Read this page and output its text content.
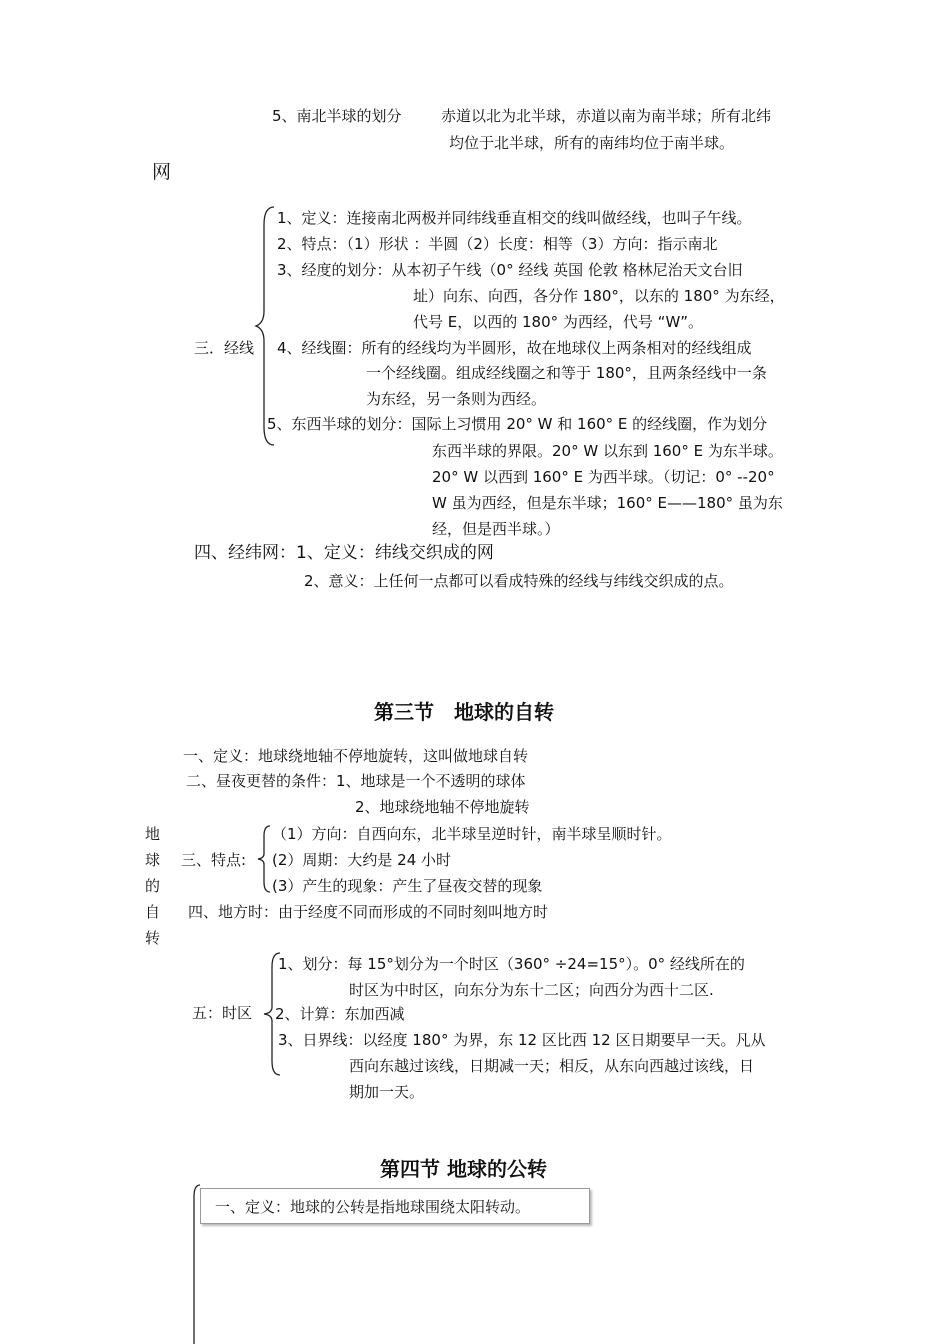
5、南北半球的划分	赤道以北为北半球，赤道以南为南半球；所有北纬
均位于北半球，所有的南纬均位于南半球。
网
三．经线
1、定义：连接南北两极并同纬线垂直相交的线叫做经线，也叫子午线。
2、特点：（1）形状 ：半圆（2）长度：相等（3）方向：指示南北
3、经度的划分：从本初子午线（0° 经线 英国 伦敦 格林尼治天文台旧
址）向东、向西，各分作 180°，以东的 180° 为东经，
代号 E，以西的 180° 为西经，代号 “W”。
4、经线圈：所有的经线均为半圆形，故在地球仪上两条相对的经线组成
一个经线圈。组成经线圈之和等于 180°，且两条经线中一条
为东经，另一条则为西经。
5、东西半球的划分：国际上习惯用 20° W 和 160° E 的经线圈，作为划分
东西半球的界限。20° W 以东到 160° E 为东半球。
20° W 以西到 160° E 为西半球。（切记：0° --20°
W 虽为西经，但是东半球；160° E——180° 虽为东
经，但是西半球。）
四、经纬网：1、定义：纬线交织成的网
2、意义：上任何一点都可以看成特殊的经线与纬线交织成的点。
第三节　地球的自转
地
球
的
自
转
一、定义：地球绕地轴不停地旋转，这叫做地球自转
二、昼夜更替的条件：1、地球是一个不透明的球体
2、地球绕地轴不停地旋转
三、特点:
（1）方向：自西向东，北半球呈逆时针，南半球呈顺时针。
(2）周期：大约是 24 小时
(3）产生的现象：产生了昼夜交替的现象
四、地方时：由于经度不同而形成的不同时刻叫地方时
五：时区
1、划分：每 15°划分为一个时区（360° ÷24=15°）。0° 经线所在的
时区为中时区，向东分为东十二区；向西分为西十二区.
2、计算：东加西减
3、日界线：以经度 180° 为界，东 12 区比西 12 区日期要早一天。凡从
西向东越过该线，日期减一天；相反，从东向西越过该线，日
期加一天。
第四节 地球的公转
一、定义：地球的公转是指地球围绕太阳转动。
